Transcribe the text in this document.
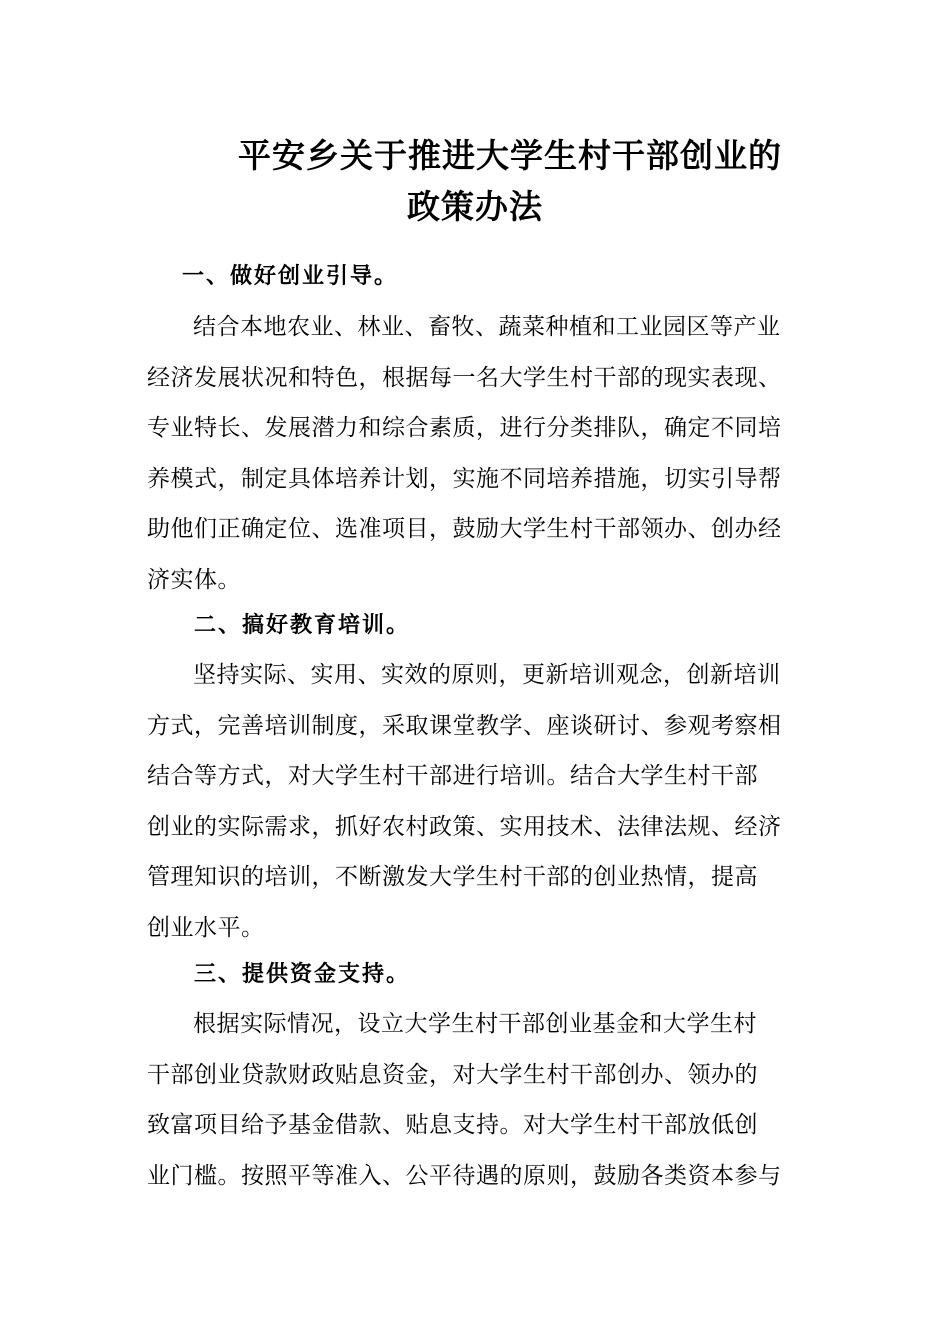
平安乡关于推进大学生村干部创业的
政策办法
一、做好创业引导。
结合本地农业、林业、畜牧、蔬菜种植和工业园区等产业
经济发展状况和特色，根据每一名大学生村干部的现实表现、
专业特长、发展潜力和综合素质，进行分类排队，确定不同培
养模式，制定具体培养计划，实施不同培养措施，切实引导帮
助他们正确定位、选准项目，鼓励大学生村干部领办、创办经
济实体。
二、搞好教育培训。
坚持实际、实用、实效的原则，更新培训观念，创新培训
方式，完善培训制度，采取课堂教学、座谈研讨、参观考察相
结合等方式，对大学生村干部进行培训。结合大学生村干部
创业的实际需求，抓好农村政策、实用技术、法律法规、经济
管理知识的培训，不断激发大学生村干部的创业热情，提高
创业水平。
三、提供资金支持。
根据实际情况，设立大学生村干部创业基金和大学生村
干部创业贷款财政贴息资金，对大学生村干部创办、领办的
致富项目给予基金借款、贴息支持。对大学生村干部放低创
业门槛。按照平等准入、公平待遇的原则，鼓励各类资本参与
